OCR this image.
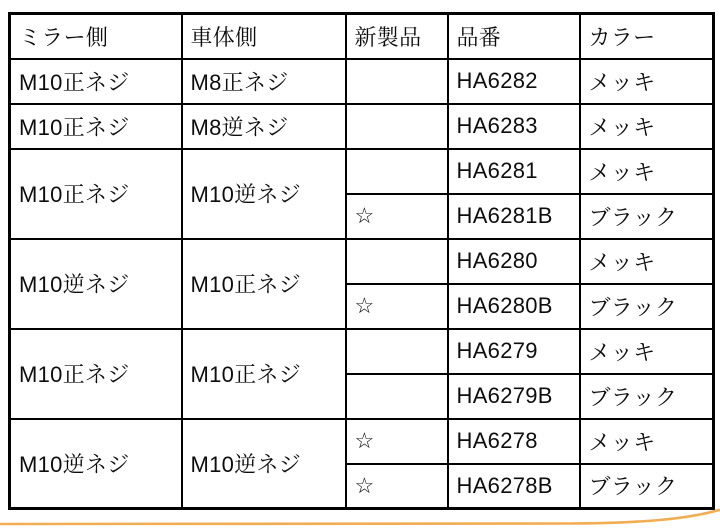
ミラー側	車体側	新製品	品番	カラー
M10正ネジ	M8正ネジ		HA6282	メッキ
M10正ネジ	M8逆ネジ		HA6283	メッキ
M10正ネジ	M10逆ネジ		HA6281	メッキ
		☆	HA6281B	ブラック
M10逆ネジ	M10正ネジ		HA6280	メッキ
		☆	HA6280B	ブラック
M10正ネジ	M10正ネジ		HA6279	メッキ
			HA6279B	ブラック
M10逆ネジ	M10逆ネジ	☆	HA6278	メッキ
		☆	HA6278B	ブラック
